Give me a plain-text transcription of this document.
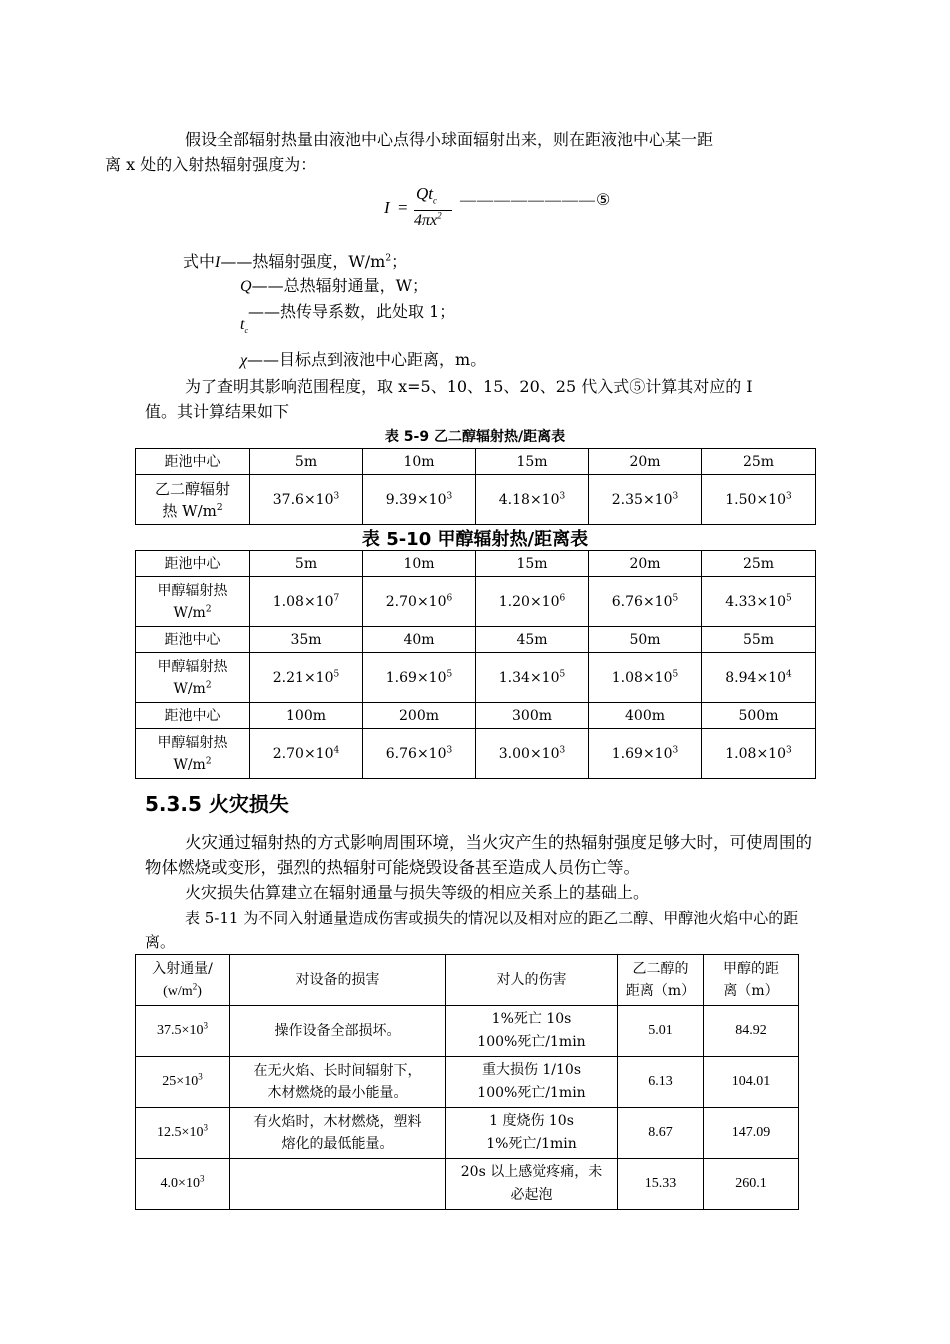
假设全部辐射热量由液池中心点得小球面辐射出来，则在距液池中心某一距
离 x 处的入射热辐射强度为：

I =
$Qt_c$
$4\pi x^2$
————————⑤
式中I——热辐射强度，$W/m^2$；
Q——总热辐射通量，W；
$t_c——$热传导系数，此处取 1；
χ——目标点到液池中心距离，m。

为了查明其影响范围程度，取 x=5、10、15、20、25 代入式⑤计算其对应的 I
值。其计算结果如下

表 5-9 乙二醇辐射热/距离表
距池中心	5m	10m	15m	20m	25m
乙二醇辐射
热 $W/m^2$	$37.6\times 10^3$	$9.39\times 10^3$	$4.18\times 10^3$	$2.35\times 10^3$	$1.50\times 10^3$
表 5-10 甲醇辐射热/距离表
距池中心	5m	10m	15m	20m	25m
甲醇辐射热
$W/m^2$	$1.08\times 10^7$	$2.70\times 10^6$	$1.20\times 10^6$	$6.76\times 10^5$	$4.33\times 10^5$
距池中心	35m	40m	45m	50m	55m
甲醇辐射热
$W/m^2$	$2.21\times 10^5$	$1.69\times 10^5$	$1.34\times 10^5$	$1.08\times 10^5$	$8.94\times 10^4$
距池中心	100m	200m	300m	400m	500m
甲醇辐射热
$W/m^2$	$2.70\times 10^4$	$6.76\times 10^3$	$3.00\times 10^3$	$1.69\times 10^3$	$1.08\times 10^3$
5.3.5 火灾损失

火灾通过辐射热的方式影响周围环境，当火灾产生的热辐射强度足够大时，可使周围的物体燃烧或变形，强烈的热辐射可能烧毁设备甚至造成人员伤亡等。

火灾损失估算建立在辐射通量与损失等级的相应关系上的基础上。

表 5-11 为不同入射通量造成伤害或损失的情况以及相对应的距乙二醇、甲醇池火焰中心的距离。

入射通量/
$(w/m^2)$	对设备的损害	对人的伤害	乙二醇的
距离（m）	甲醇的距
离（m）
$37.5\times 10^3$	操作设备全部损坏。	1%死亡 10s
100%死亡/1min	5.01	84.92
$25\times 10^3$	在无火焰、长时间辐射下，
木材燃烧的最小能量。	重大损伤 1/10s
100%死亡/1min	6.13	104.01
$12.5\times 10^3$	有火焰时，木材燃烧，塑料
熔化的最低能量。	1 度烧伤 10s
1%死亡/1min	8.67	147.09
$4.0\times 10^3$		20s 以上感觉疼痛，未
必起泡	15.33	260.1
